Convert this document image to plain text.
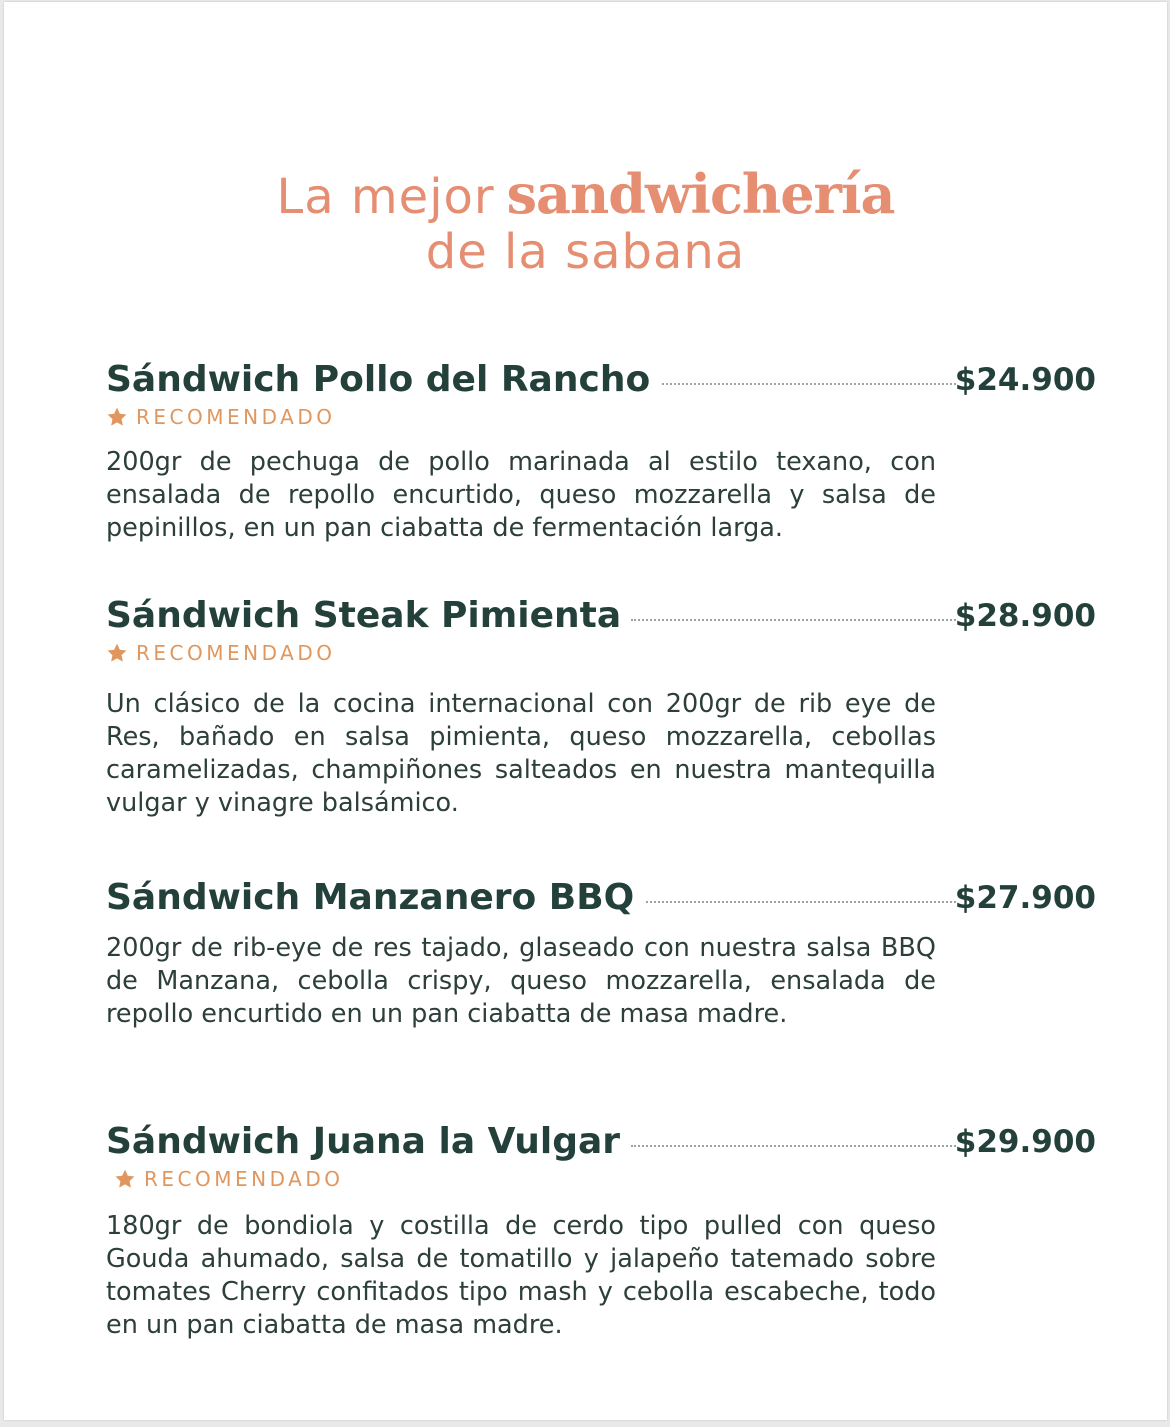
La mejor sandwichería
de la sabana
Sándwich Pollo del Rancho	$24.900
RECOMENDADO

200gr de pechuga de pollo marinada al estilo texano, con ensalada de repollo encurtido, queso mozzarella y salsa de pepinillos, en un pan ciabatta de fermentación larga.

Sándwich Steak Pimienta	$28.900
RECOMENDADO

Un clásico de la cocina internacional con 200gr de rib eye de Res, bañado en salsa pimienta, queso mozzarella, cebollas caramelizadas, champiñones salteados en nuestra mantequilla vulgar y vinagre balsámico.

Sándwich Manzanero BBQ	$27.900

200gr de rib-eye de res tajado, glaseado con nuestra salsa BBQ de Manzana, cebolla crispy, queso mozzarella, ensalada de repollo encurtido en un pan ciabatta de masa madre.

Sándwich Juana la Vulgar	$29.900
RECOMENDADO

180gr de bondiola y costilla de cerdo tipo pulled con queso Gouda ahumado, salsa de tomatillo y jalapeño tatemado sobre tomates Cherry confitados tipo mash y cebolla escabeche, todo en un pan ciabatta de masa madre.
